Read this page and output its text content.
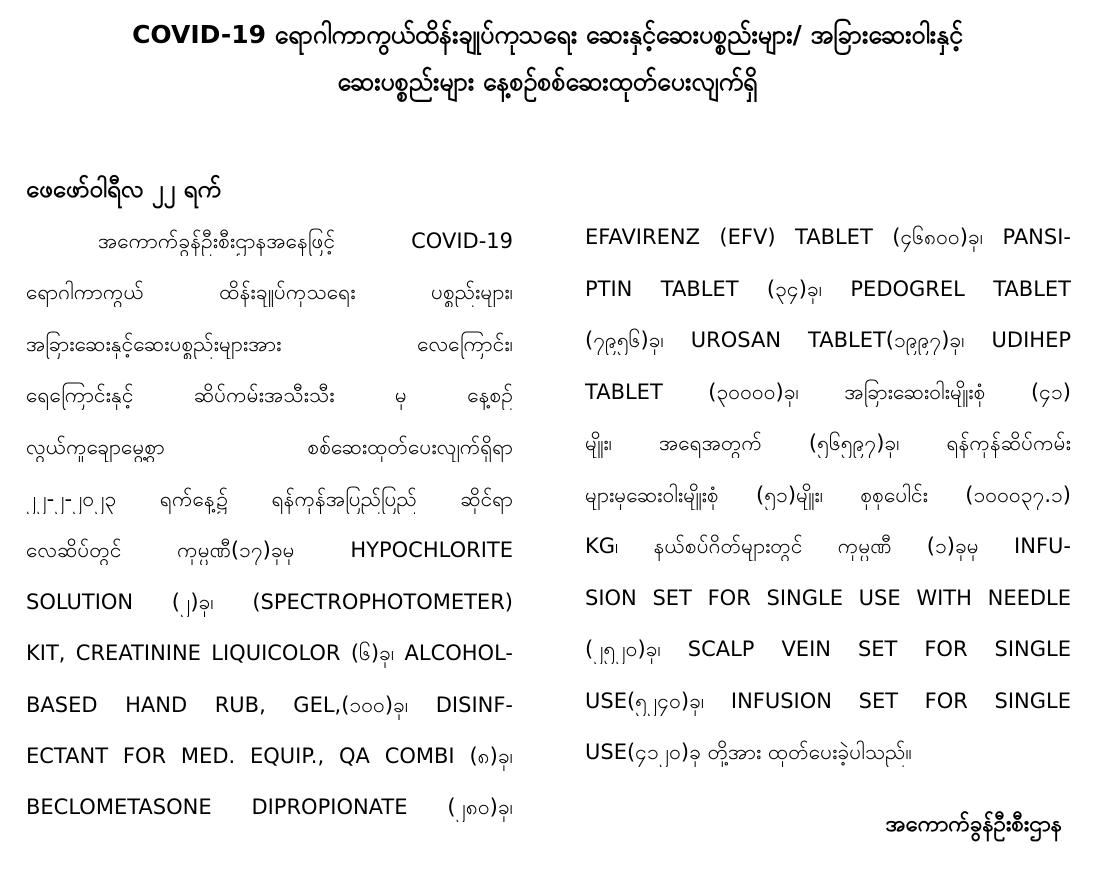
COVID-19 ရောဂါကာကွယ်ထိန်းချုပ်ကုသရေး ဆေးနှင့်ဆေးပစ္စည်းများ/ အခြားဆေးဝါးနှင့်
ဆေးပစ္စည်းများ နေ့စဉ်စစ်ဆေးထုတ်ပေးလျက်ရှိ
ဖေဖော်ဝါရီလ ၂၂ ရက်
အကောက်ခွန်ဦးစီးဌာနအနေဖြင့် COVID-19
ရောဂါကာကွယ် ထိန်းချုပ်ကုသရေး ပစ္စည်းများ၊
အခြားဆေးနှင့်ဆေးပစ္စည်းများအား လေကြောင်း၊
ရေကြောင်းနှင့် ဆိပ်ကမ်းအသီးသီး မှ နေ့စဉ်
လွယ်ကူချောမွေ့စွာ စစ်ဆေးထုတ်ပေးလျက်ရှိရာ
၂၂-၂-၂၀၂၃ ရက်နေ့၌ ရန်ကုန်အပြည်ပြည် ဆိုင်ရာ
လေဆိပ်တွင် ကုမ္ပဏီ(၁၇)ခုမှ HYPOCHLORITE
SOLUTION (၂)ခု၊ (SPECTROPHOTOMETER)
KIT, CREATININE LIQUICOLOR (၆)ခု၊ ALCOHOL-
BASED HAND RUB, GEL,(၁၀၀)ခု၊ DISINF-
ECTANT FOR MED. EQUIP., QA COMBI (၈)ခု၊
BECLOMETASONE DIPROPIONATE (၂၈၀)ခု၊
EFAVIRENZ (EFV) TABLET (၄၆၈၀၀)ခု၊ PANSI-
PTIN TABLET (၃၄)ခု၊ PEDOGREL TABLET
(၇၉၅၆)ခု၊ UROSAN TABLET(၁၉၉၇)ခု၊ UDIHEP
TABLET (၃၀၀၀၀)ခု၊ အခြားဆေးဝါးမျိုးစုံ (၄၁)
မျိုး၊ အရေအတွက် (၅၆၅၉၇)ခု၊ ရန်ကုန်ဆိပ်ကမ်း
များမှဆေးဝါးမျိုးစုံ (၅၁)မျိုး၊ စုစုပေါင်း (၁၀၀၀၃၇.၁)
KG၊ နယ်စပ်ဂိတ်များတွင် ကုမ္ပဏီ (၁)ခုမှ INFU-
SION SET FOR SINGLE USE WITH NEEDLE
(၂၅၂၀)ခု၊ SCALP VEIN SET FOR SINGLE
USE(၅၂၄၀)ခု၊ INFUSION SET FOR SINGLE
USE(၄၁၂၀)ခု တို့အား ထုတ်ပေးခဲ့ပါသည်။
အကောက်ခွန်ဦးစီးဌာန
